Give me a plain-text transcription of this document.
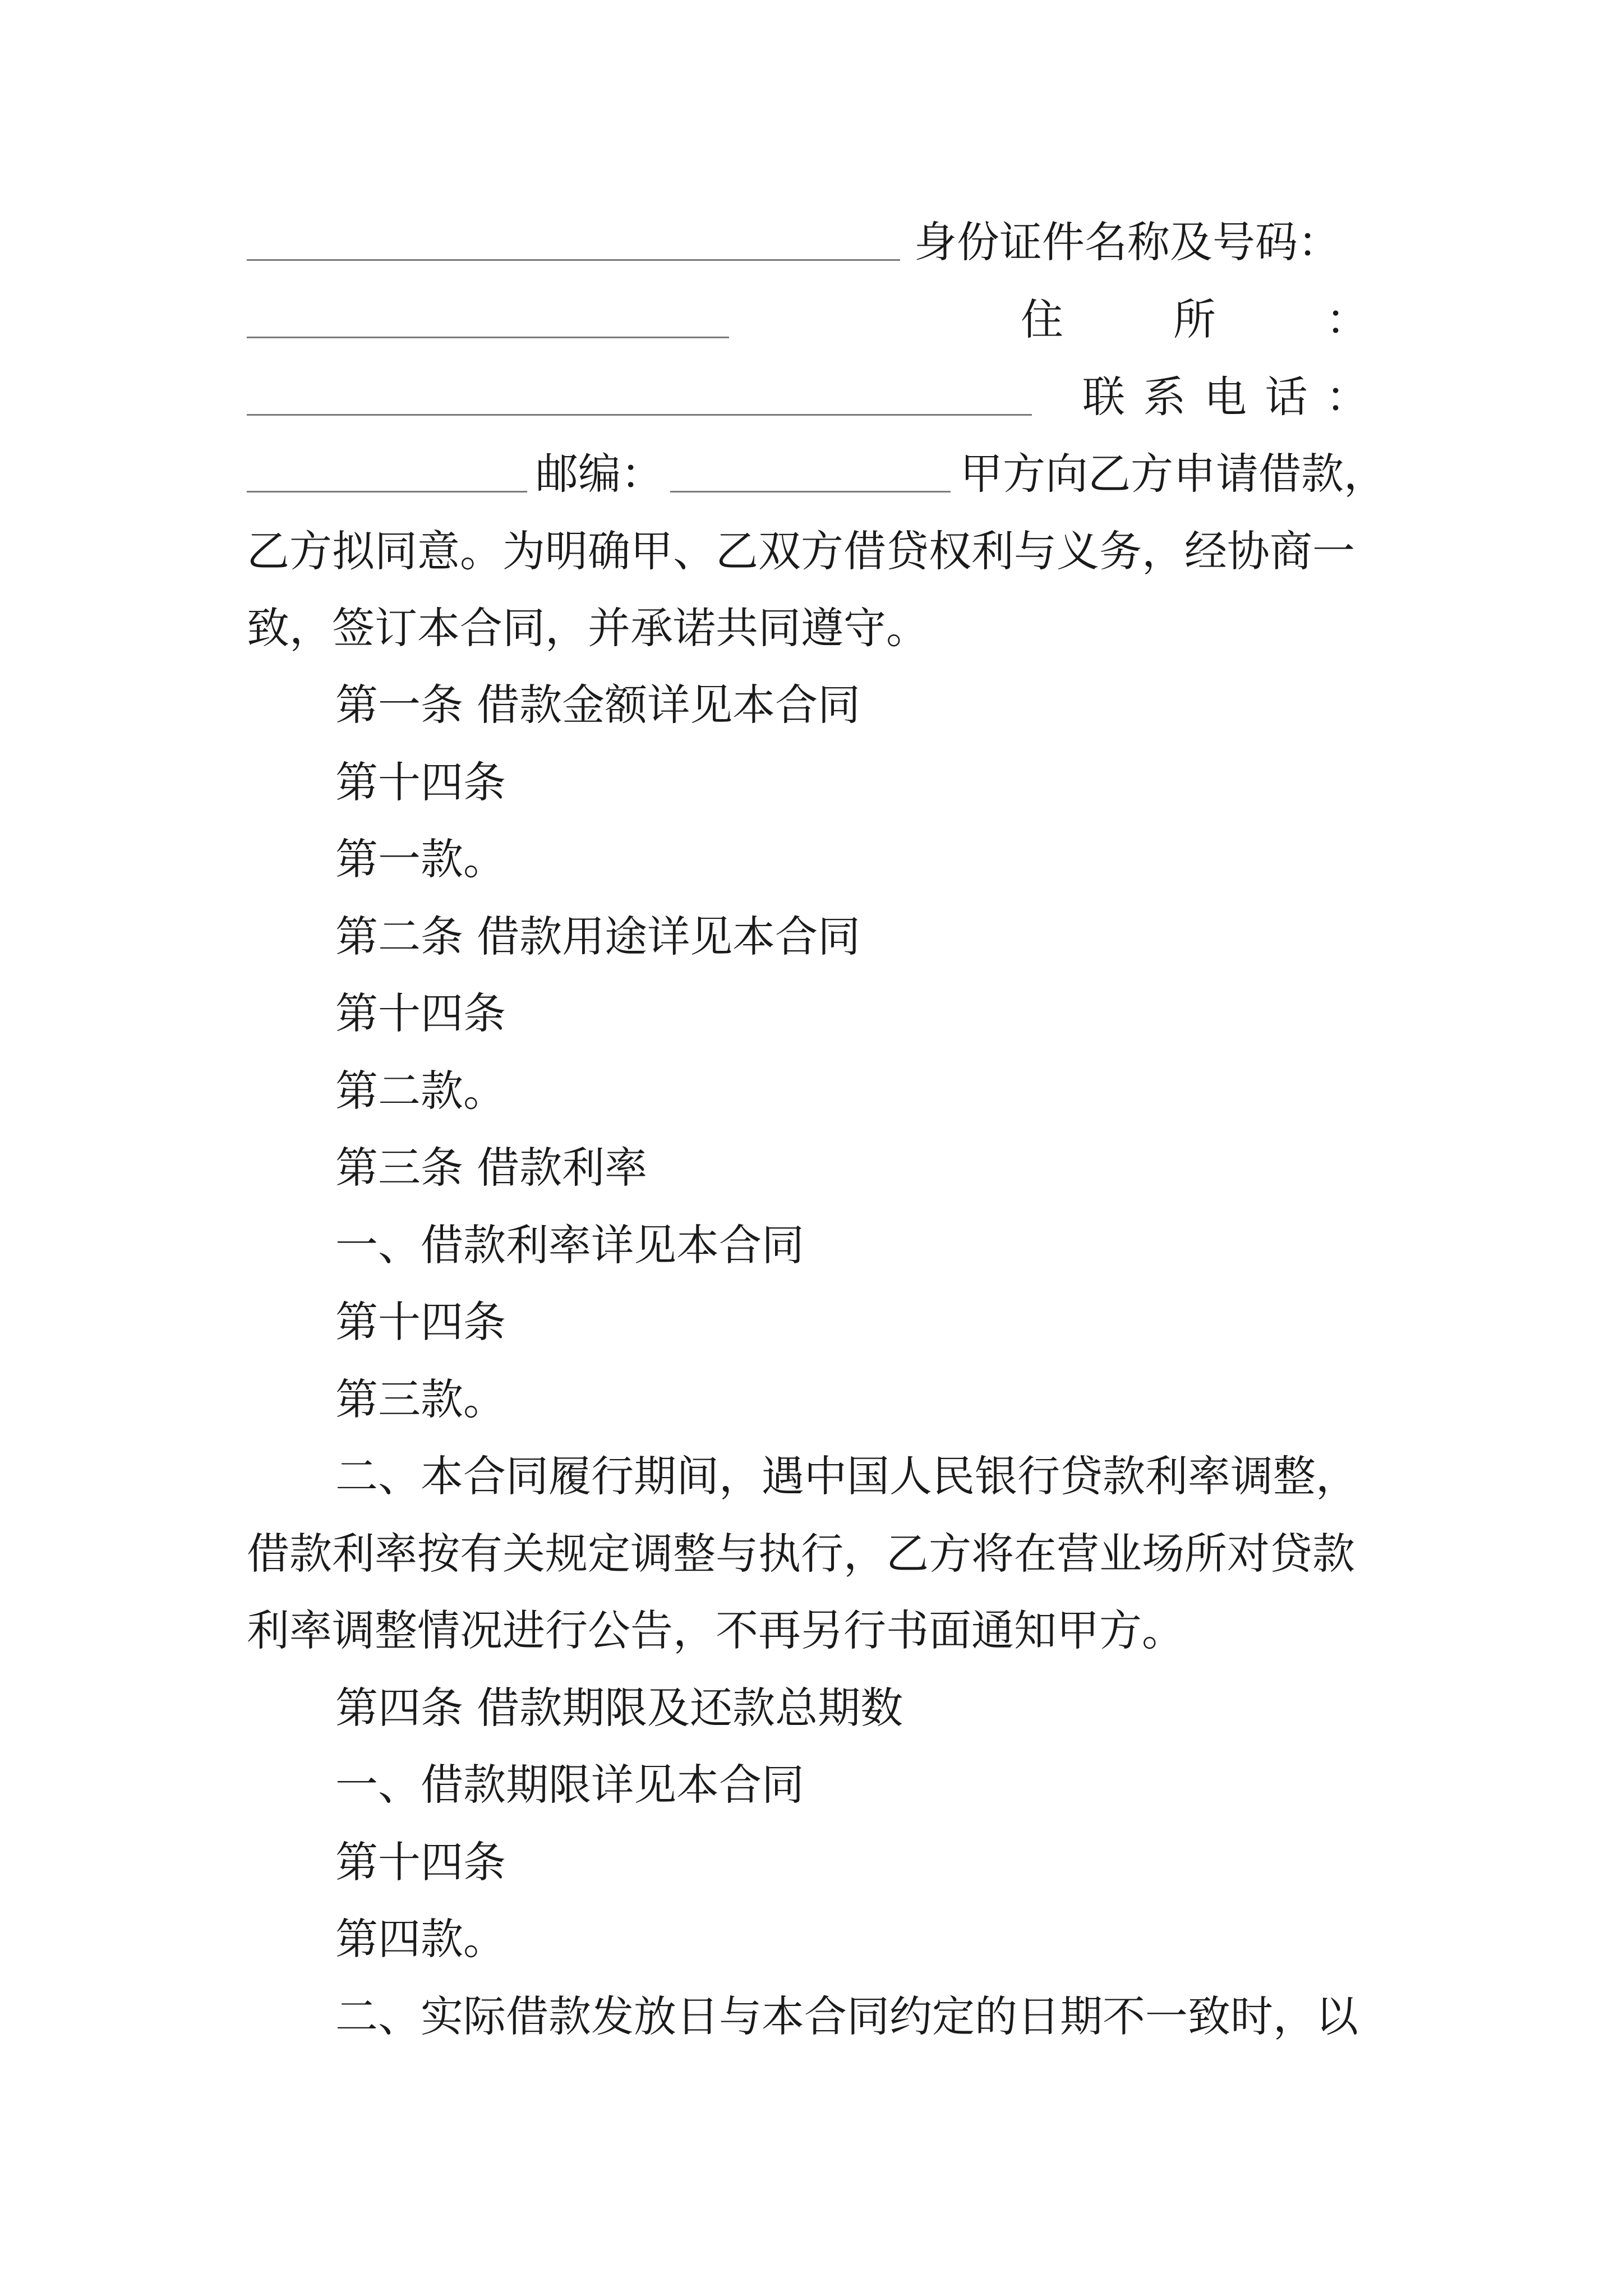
身份证件名称及号码：
住	所	：
联 系 电 话 ：
邮编：	甲方向乙方申请借款，
乙方拟同意。为明确甲、乙双方借贷权利与义务，经协商一
致，签订本合同，并承诺共同遵守。
第一条 借款金额详见本合同
第十四条
第一款。
第二条 借款用途详见本合同
第十四条
第二款。
第三条 借款利率
一、借款利率详见本合同
第十四条
第三款。
二、本合同履行期间，遇中国人民银行贷款利率调整，
借款利率按有关规定调整与执行，乙方将在营业场所对贷款
利率调整情况进行公告，不再另行书面通知甲方。
第四条 借款期限及还款总期数
一、借款期限详见本合同
第十四条
第四款。
二、实际借款发放日与本合同约定的日期不一致时，以
